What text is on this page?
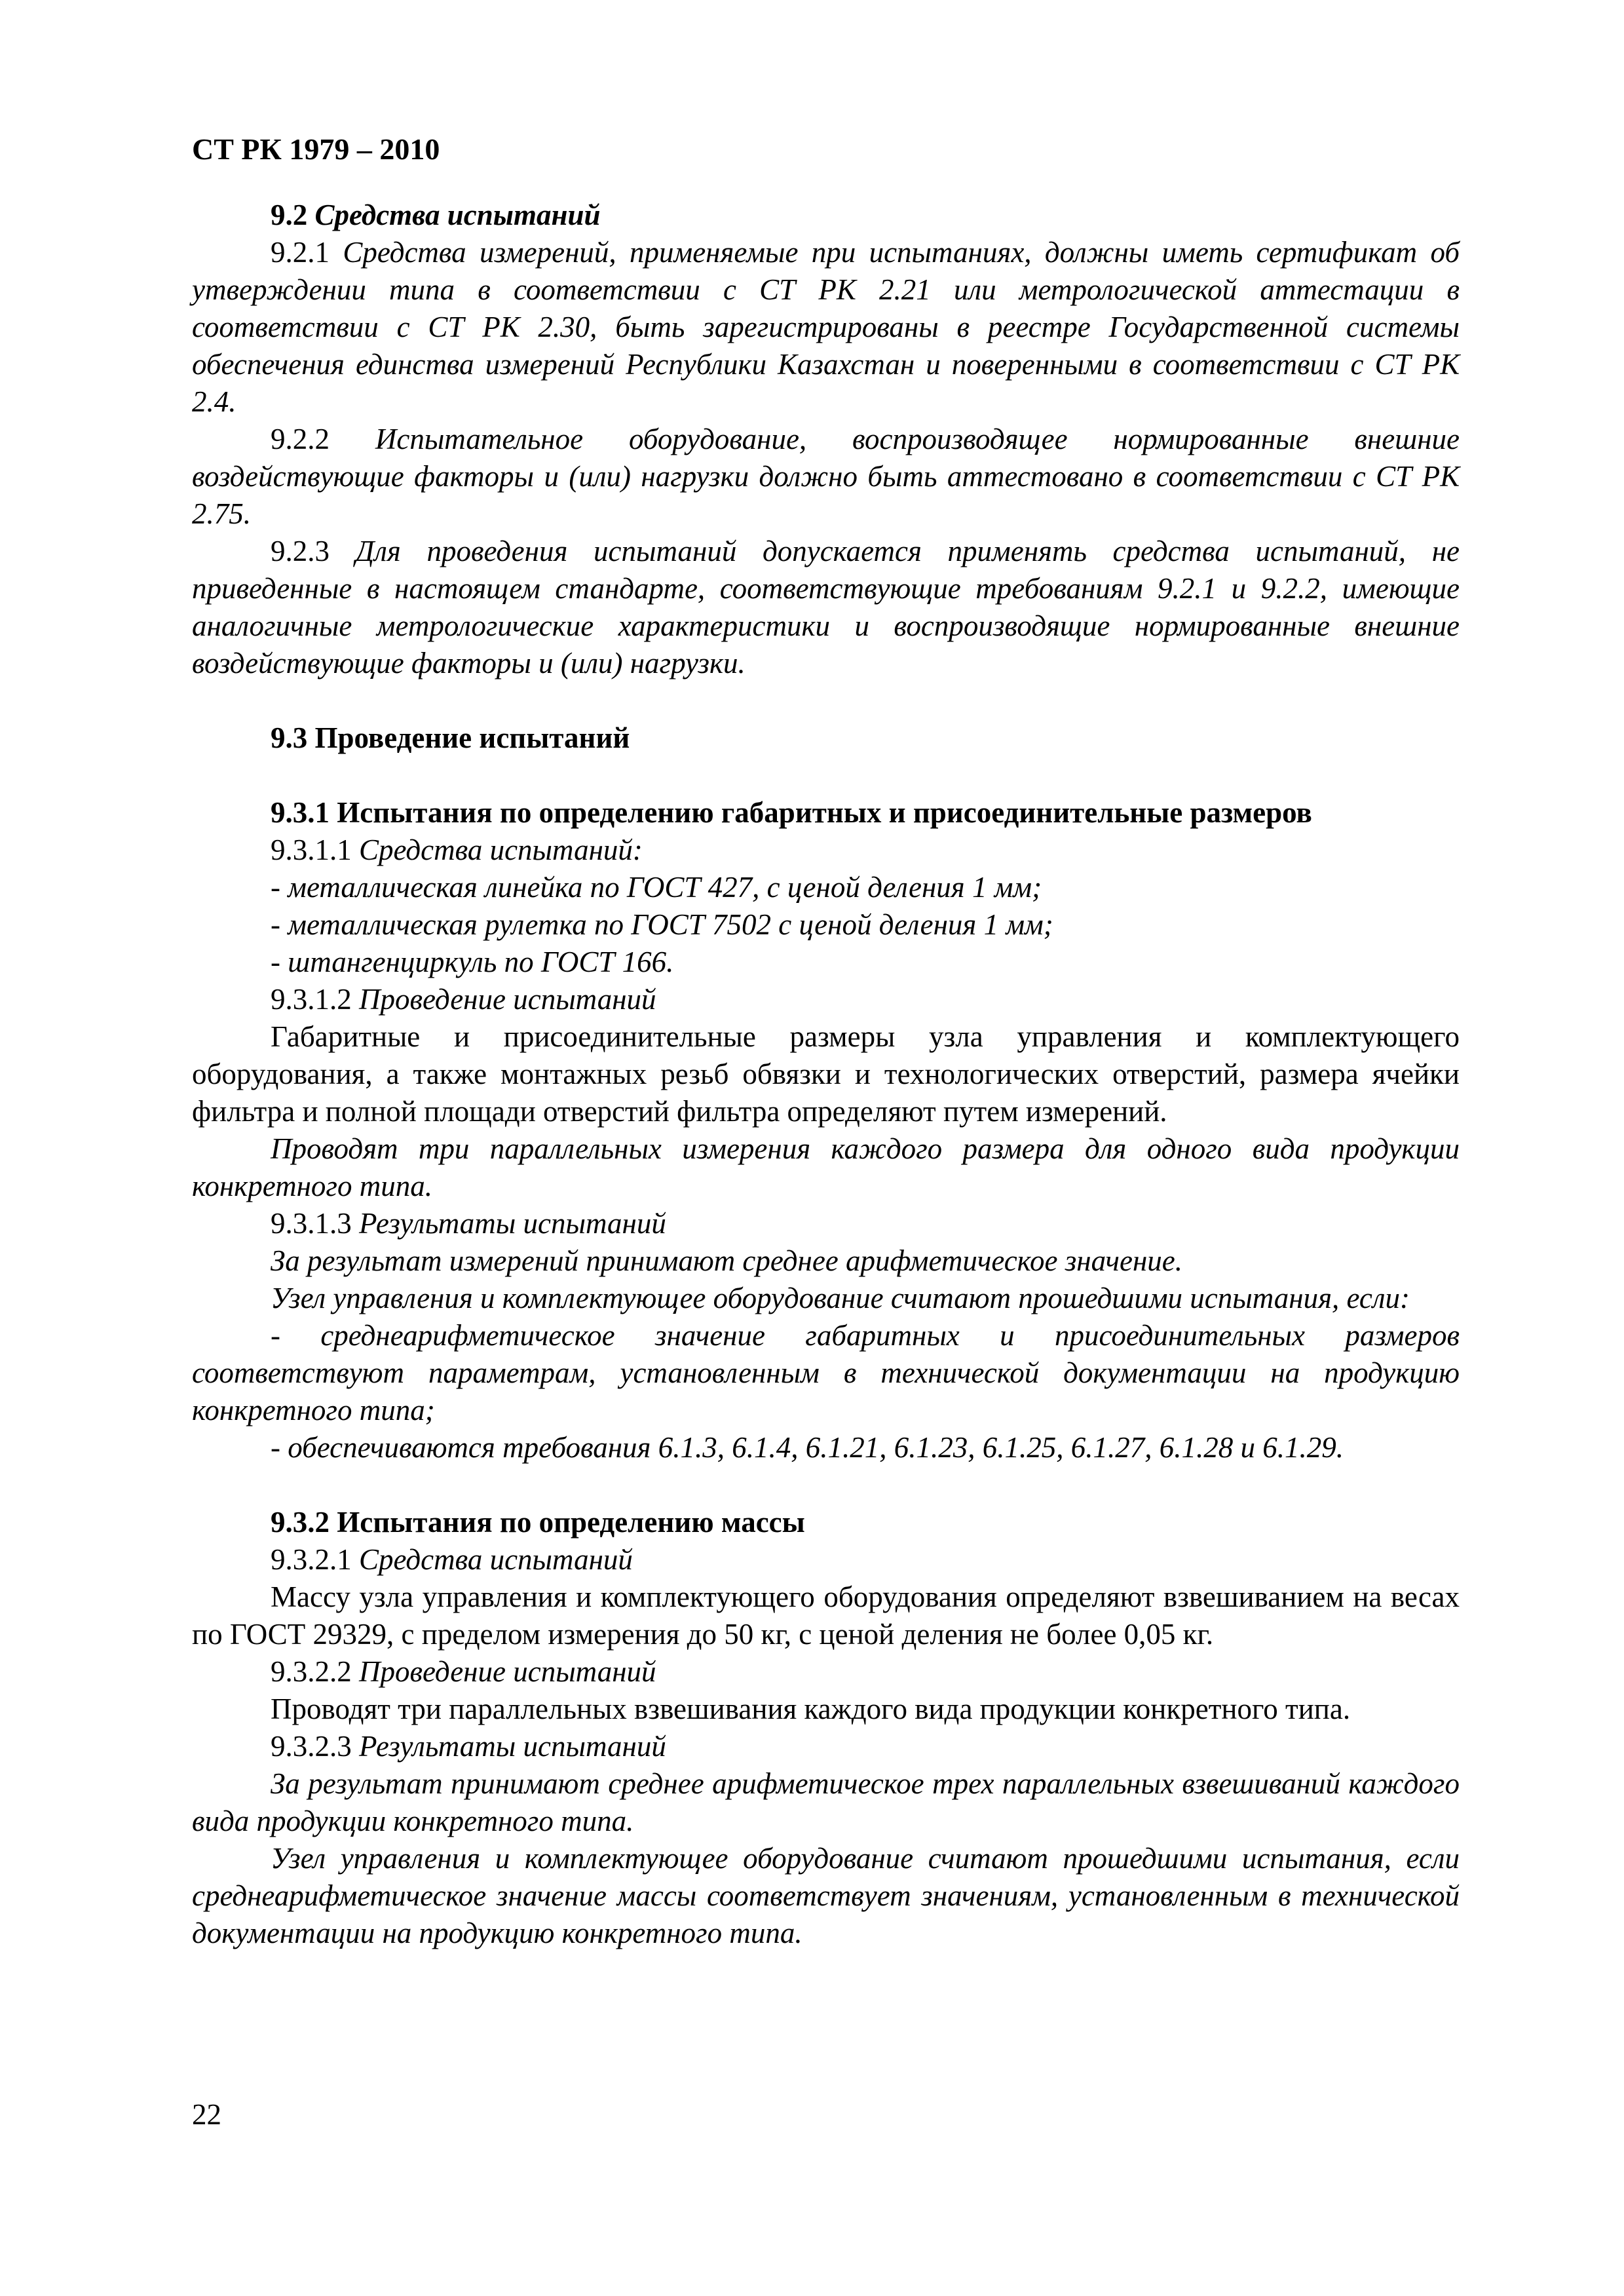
СТ РК 1979 – 2010

9.2 Средства испытаний

9.2.1 Средства измерений, применяемые при испытаниях, должны иметь сертификат об утверждении типа в соответствии с СТ РК 2.21 или метрологической аттестации в соответствии с СТ РК 2.30, быть зарегистрированы в реестре Государственной системы обеспечения единства измерений Республики Казахстан и поверенными в соответствии с СТ РК 2.4.

9.2.2 Испытательное оборудование, воспроизводящее нормированные внешние воздействующие факторы и (или) нагрузки должно быть аттестовано в соответствии с СТ РК 2.75.

9.2.3 Для проведения испытаний допускается применять средства испытаний, не приведенные в настоящем стандарте, соответствующие требованиям 9.2.1 и 9.2.2, имеющие аналогичные метрологические характеристики и воспроизводящие нормированные внешние воздействующие факторы и (или) нагрузки.

9.3 Проведение испытаний

9.3.1 Испытания по определению габаритных и присоединительные размеров

9.3.1.1 Средства испытаний:

- металлическая линейка по ГОСТ 427, с ценой деления 1 мм;

- металлическая рулетка по ГОСТ 7502 с ценой деления 1 мм;

- штангенциркуль по ГОСТ 166.

9.3.1.2 Проведение испытаний

Габаритные и присоединительные размеры узла управления и комплектующего оборудования, а также монтажных резьб обвязки и технологических отверстий, размера ячейки фильтра и полной площади отверстий фильтра определяют путем измерений.

Проводят три параллельных измерения каждого размера для одного вида продукции конкретного типа.

9.3.1.3 Результаты испытаний

За результат измерений принимают среднее арифметическое значение.

Узел управления и комплектующее оборудование считают прошедшими испытания, если:

- среднеарифметическое значение габаритных и присоединительных размеров соответствуют параметрам, установленным в технической документации на продукцию конкретного типа;

- обеспечиваются требования 6.1.3, 6.1.4, 6.1.21, 6.1.23, 6.1.25, 6.1.27, 6.1.28 и 6.1.29.

9.3.2 Испытания по определению массы

9.3.2.1 Средства испытаний

Массу узла управления и комплектующего оборудования определяют взвешиванием на весах по ГОСТ 29329, с пределом измерения до 50 кг, с ценой деления не более 0,05 кг.

9.3.2.2 Проведение испытаний

Проводят три параллельных взвешивания каждого вида продукции конкретного типа.

9.3.2.3 Результаты испытаний

За результат принимают среднее арифметическое трех параллельных взвешиваний каждого вида продукции конкретного типа.

Узел управления и комплектующее оборудование считают прошедшими испытания, если среднеарифметическое значение массы соответствует значениям, установленным в технической документации на продукцию конкретного типа.

22
